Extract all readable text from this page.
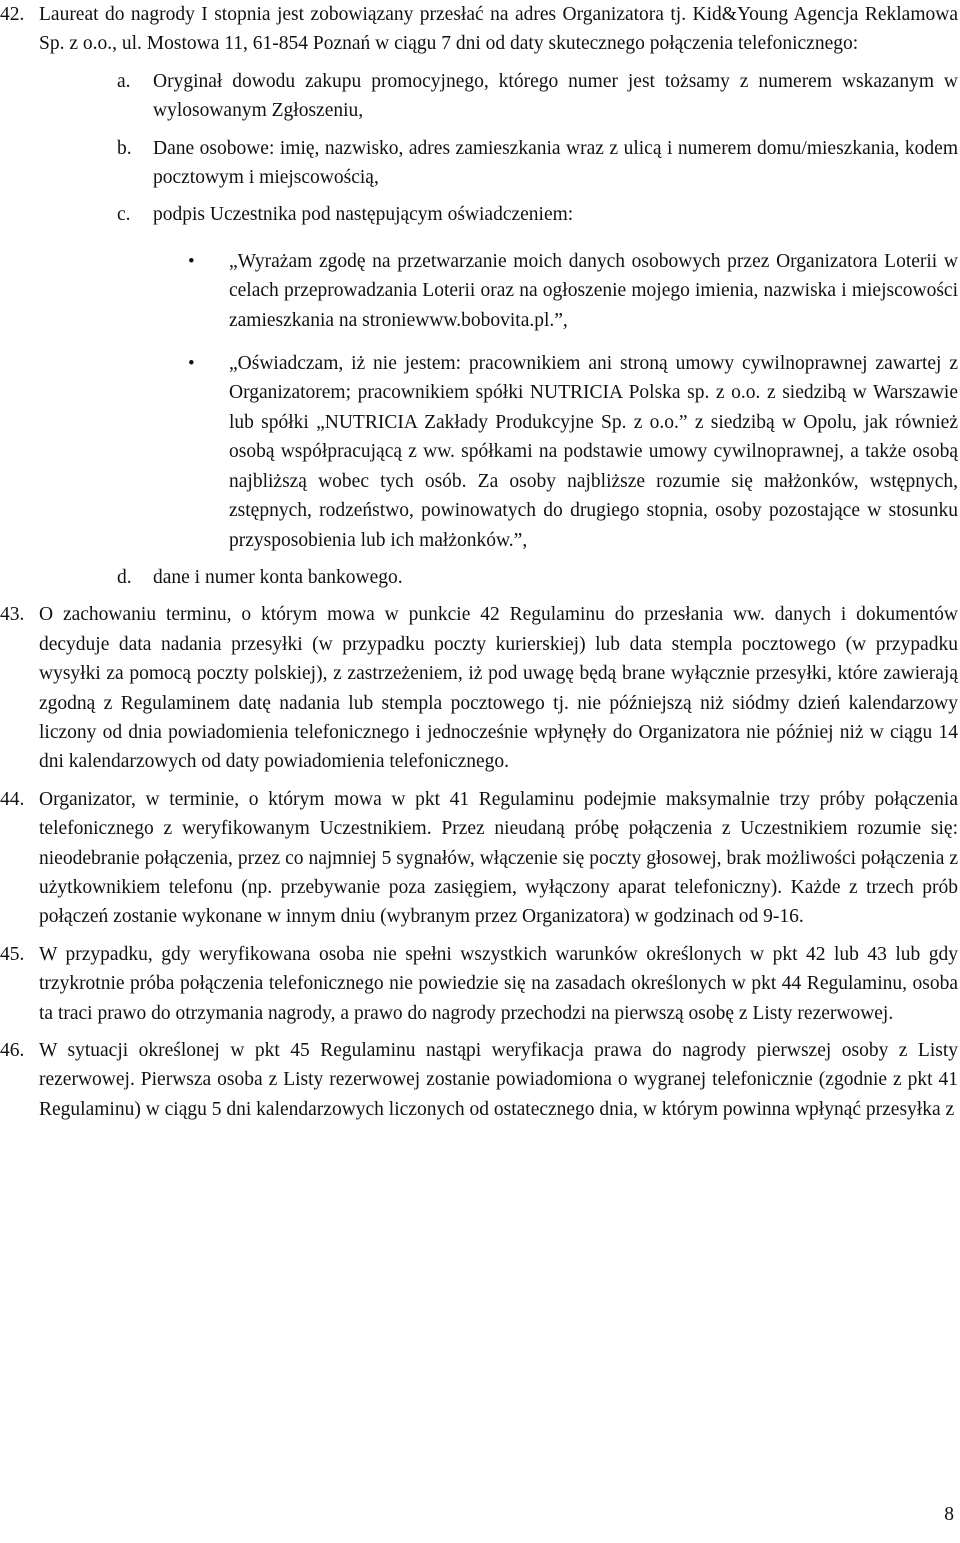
42. Laureat do nagrody I stopnia jest zobowiązany przesłać na adres Organizatora tj. Kid&Young Agencja Reklamowa Sp. z o.o., ul. Mostowa 11, 61-854 Poznań w ciągu 7 dni od daty skutecznego połączenia telefonicznego:

a. Oryginał dowodu zakupu promocyjnego, którego numer jest tożsamy z numerem wskazanym w wylosowanym Zgłoszeniu,
b. Dane osobowe: imię, nazwisko, adres zamieszkania wraz z ulicą i numerem domu/mieszkania, kodem pocztowym i miejscowością,
c. podpis Uczestnika pod następującym oświadczeniem:
• „Wyrażam zgodę na przetwarzanie moich danych osobowych przez Organizatora Loterii w celach przeprowadzania Loterii oraz na ogłoszenie mojego imienia, nazwiska i miejscowości zamieszkania na stroniewww.bobovita.pl.”,
• „Oświadczam, iż nie jestem: pracownikiem ani stroną umowy cywilnoprawnej zawartej z Organizatorem; pracownikiem spółki NUTRICIA Polska sp. z o.o. z siedzibą w Warszawie lub spółki „NUTRICIA Zakłady Produkcyjne Sp. z o.o.” z siedzibą w Opolu, jak również osobą współpracującą z ww. spółkami na podstawie umowy cywilnoprawnej, a także osobą najbliższą wobec tych osób. Za osoby najbliższe rozumie się małżonków, wstępnych, zstępnych, rodzeństwo, powinowatych do drugiego stopnia, osoby pozostające w stosunku przysposobienia lub ich małżonków.”,
d. dane i numer konta bankowego.
43. O zachowaniu terminu, o którym mowa w punkcie 42 Regulaminu do przesłania ww. danych i dokumentów decyduje data nadania przesyłki (w przypadku poczty kurierskiej) lub data stempla pocztowego (w przypadku wysyłki za pomocą poczty polskiej), z zastrzeżeniem, iż pod uwagę będą brane wyłącznie przesyłki, które zawierają zgodną z Regulaminem datę nadania lub stempla pocztowego tj. nie późniejszą niż siódmy dzień kalendarzowy liczony od dnia powiadomienia telefonicznego i jednocześnie wpłynęły do Organizatora nie później niż w ciągu 14 dni kalendarzowych od daty powiadomienia telefonicznego.

44. Organizator, w terminie, o którym mowa w pkt 41 Regulaminu podejmie maksymalnie trzy próby połączenia telefonicznego z weryfikowanym Uczestnikiem. Przez nieudaną próbę połączenia z Uczestnikiem rozumie się: nieodebranie połączenia, przez co najmniej 5 sygnałów, włączenie się poczty głosowej, brak możliwości połączenia z użytkownikiem telefonu (np. przebywanie poza zasięgiem, wyłączony aparat telefoniczny). Każde z trzech prób połączeń zostanie wykonane w innym dniu (wybranym przez Organizatora) w godzinach od 9-16.

45. W przypadku, gdy weryfikowana osoba nie spełni wszystkich warunków określonych w pkt 42 lub 43 lub gdy trzykrotnie próba połączenia telefonicznego nie powiedzie się na zasadach określonych w pkt 44 Regulaminu, osoba ta traci prawo do otrzymania nagrody, a prawo do nagrody przechodzi na pierwszą osobę z Listy rezerwowej.

46. W sytuacji określonej w pkt 45 Regulaminu nastąpi weryfikacja prawa do nagrody pierwszej osoby z Listy rezerwowej. Pierwsza osoba z Listy rezerwowej zostanie powiadomiona o wygranej telefonicznie (zgodnie z pkt 41 Regulaminu) w ciągu 5 dni kalendarzowych liczonych od ostatecznego dnia, w którym powinna wpłynąć przesyłka z

8
